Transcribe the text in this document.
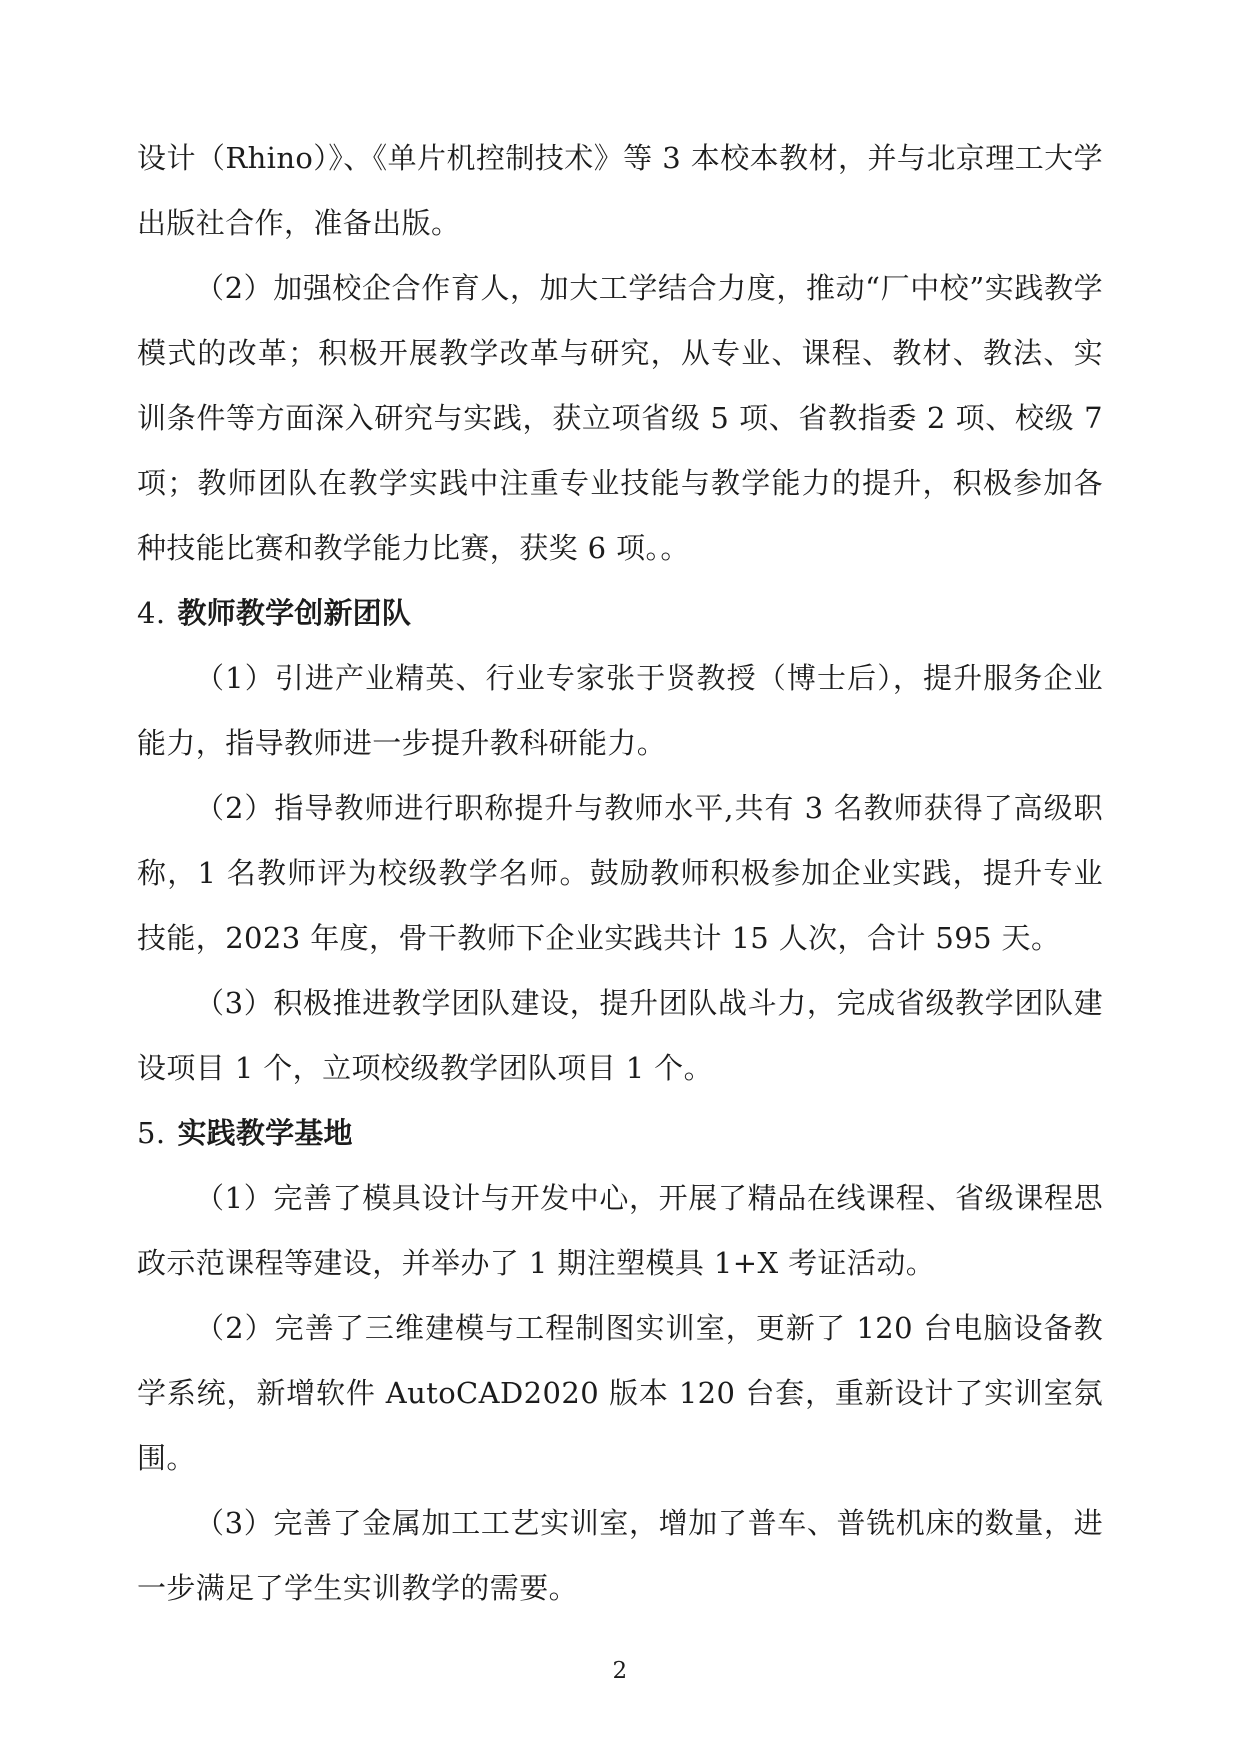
设计（Rhino）》、《单片机控制技术》等 3 本校本教材，并与北京理工大学出版社合作，准备出版。

（2）加强校企合作育人，加大工学结合力度，推动“厂中校”实践教学模式的改革；积极开展教学改革与研究，从专业、课程、教材、教法、实训条件等方面深入研究与实践，获立项省级 5 项、省教指委 2 项、校级 7 项；教师团队在教学实践中注重专业技能与教学能力的提升，积极参加各种技能比赛和教学能力比赛，获奖 6 项。。

4. 教师教学创新团队

（1）引进产业精英、行业专家张于贤教授（博士后），提升服务企业能力，指导教师进一步提升教科研能力。

（2）指导教师进行职称提升与教师水平,共有 3 名教师获得了高级职称，1 名教师评为校级教学名师。鼓励教师积极参加企业实践，提升专业技能，2023 年度，骨干教师下企业实践共计 15 人次，合计 595 天。

（3）积极推进教学团队建设，提升团队战斗力，完成省级教学团队建设项目 1 个，立项校级教学团队项目 1 个。

5. 实践教学基地

（1）完善了模具设计与开发中心，开展了精品在线课程、省级课程思政示范课程等建设，并举办了 1 期注塑模具 1+X 考证活动。

（2）完善了三维建模与工程制图实训室，更新了 120 台电脑设备教学系统，新增软件 AutoCAD2020 版本 120 台套，重新设计了实训室氛围。

（3）完善了金属加工工艺实训室，增加了普车、普铣机床的数量，进一步满足了学生实训教学的需要。

2
